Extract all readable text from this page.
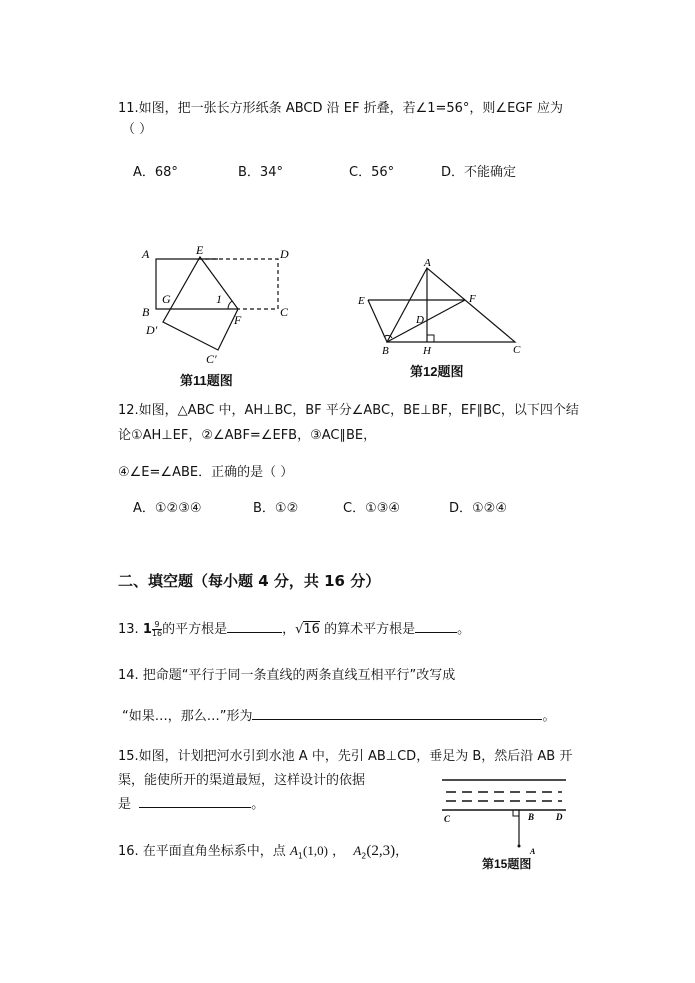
11.如图，把一张长方形纸条 ABCD 沿 EF 折叠，若∠1=56°，则∠EGF 应为
（ ）
A．68°	B．34°	C．56°	D．不能确定
A	E	D
B
G	1
F
C
D′
C′
第11题图
A
E	F
D
B	H	C
第12题图
12.如图，△ABC 中，AH⊥BC，BF 平分∠ABC，BE⊥BF，EF∥BC，以下四个结
论①AH⊥EF，②∠ABF=∠EFB，③AC∥BE，
④∠E=∠ABE．正确的是（ ）
A．①②③④	B．①②	C．①③④	D．①②④
二、填空题（每小题 4 分，共 16 分）
13. $1 \frac{9}{16}$ 的平方根是	，√16 的算术平方根是	。
14. 把命题“平行于同一条直线的两条直线互相平行”改写成
“如果…，那么…”形为	。
15.如图，计划把河水引到水池 A 中，先引 AB⊥CD，垂足为 B，然后沿 AB 开
渠，能使所开的渠道最短，这样设计的依据
是	。
C	B D
A
第15题图
16. 在平面直角坐标系中，点 $A_1(1,0)$ ， $A_2(2,3)$，
